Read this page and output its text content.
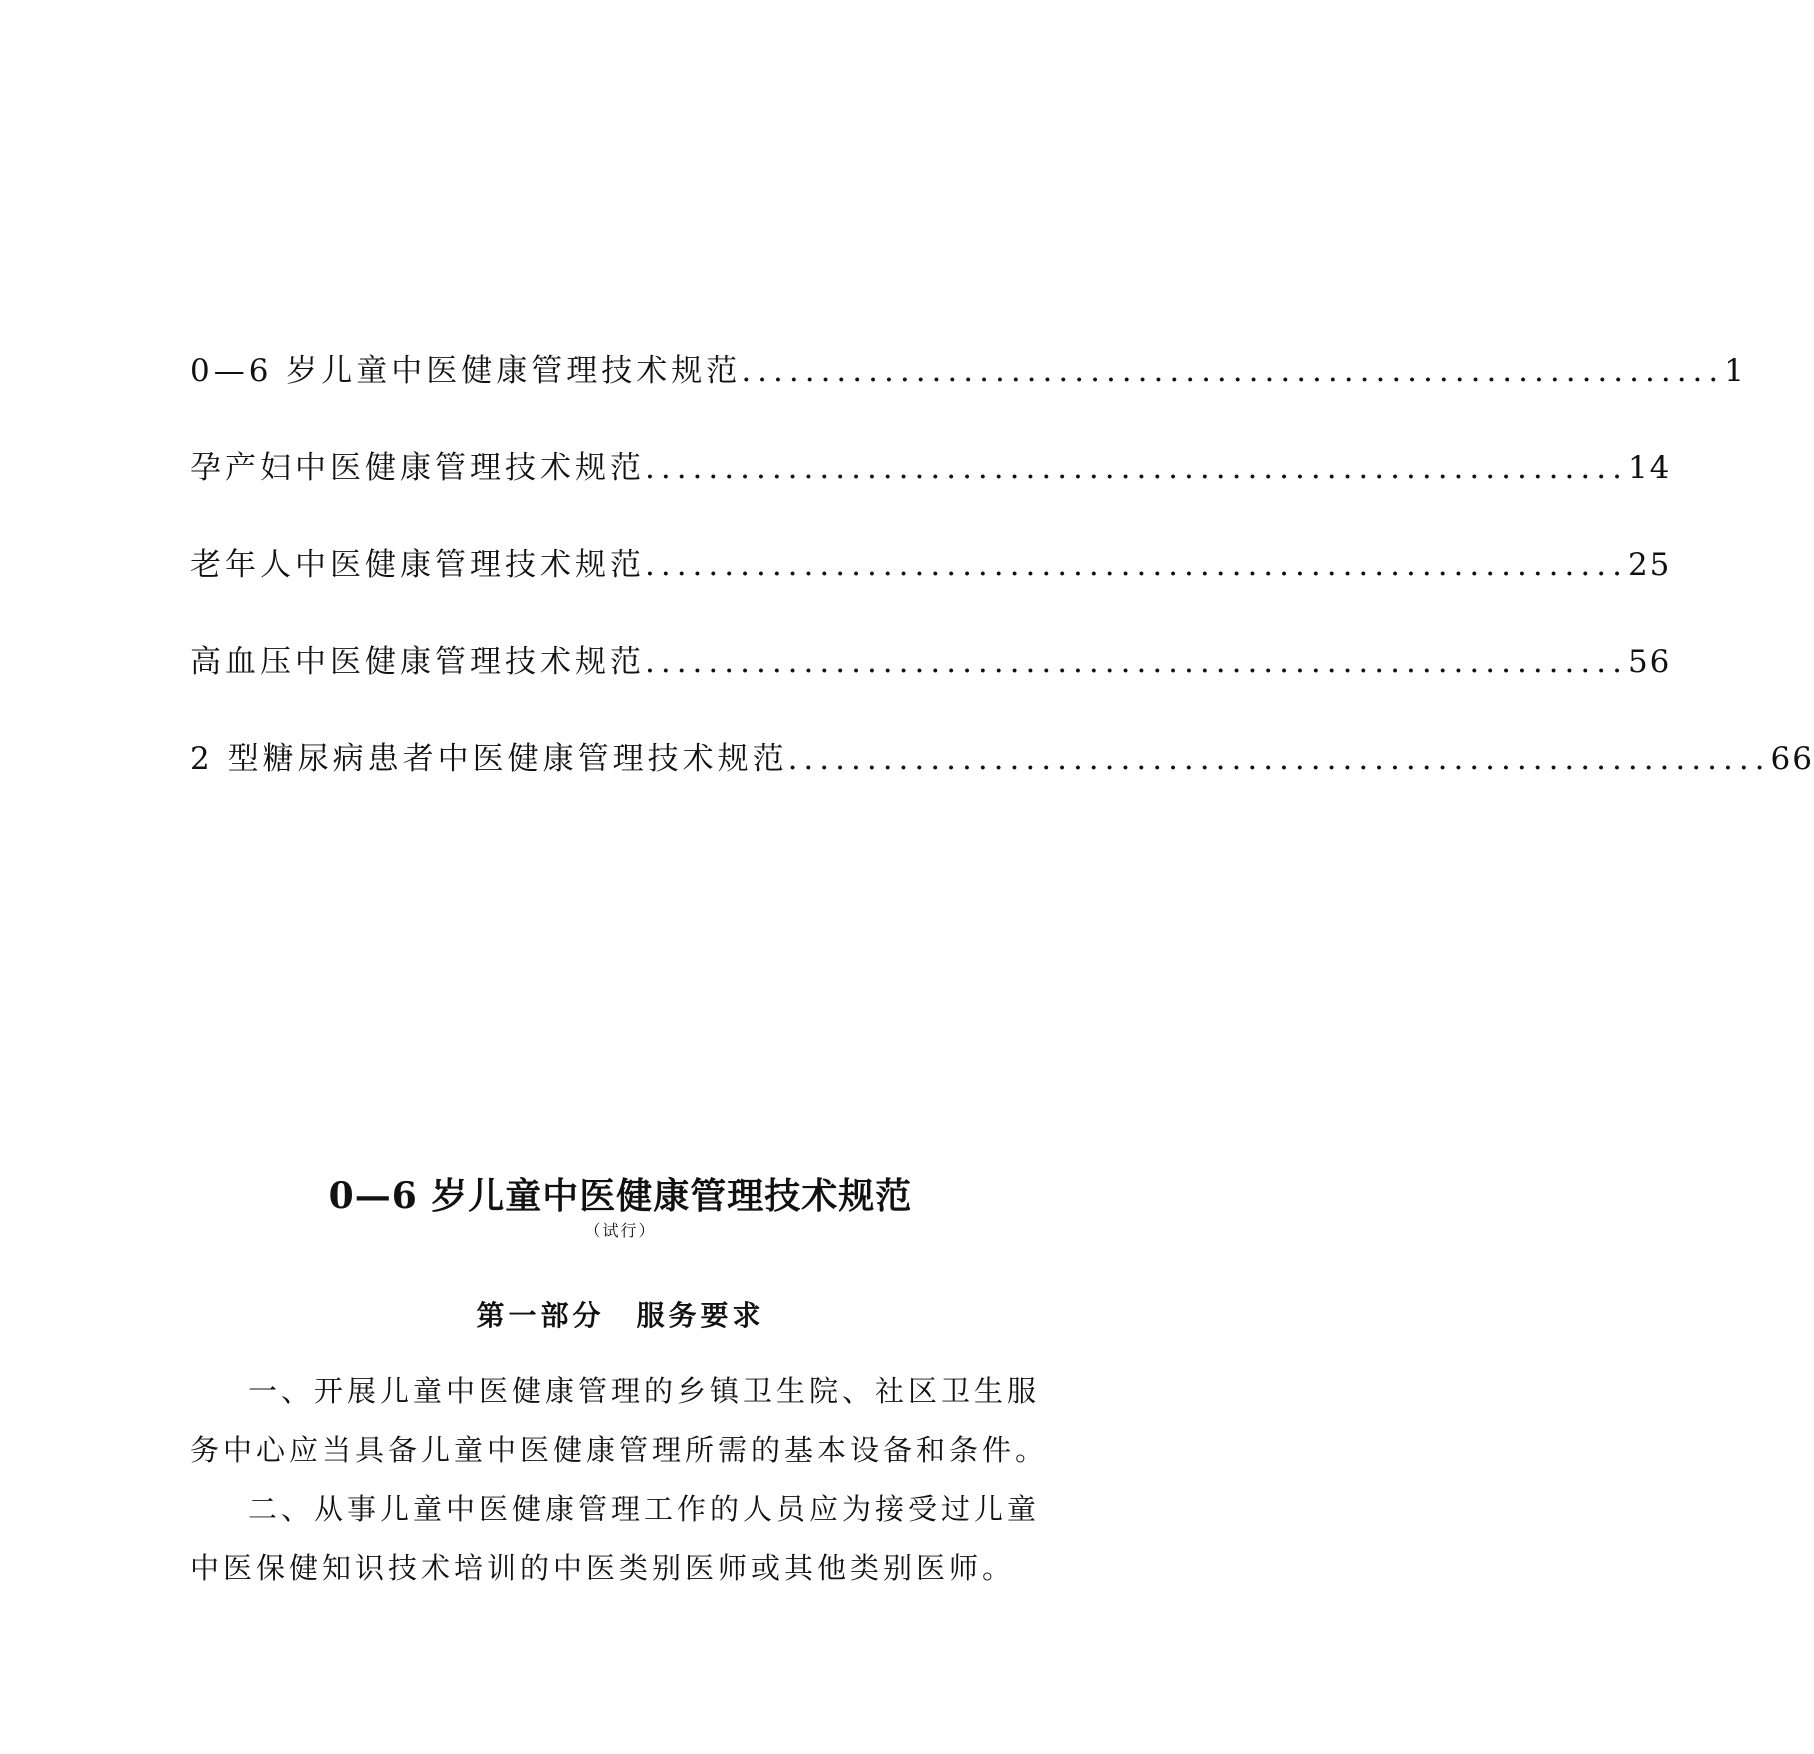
0—6 岁儿童中医健康管理技术规范 .............................................................. 1
孕产妇中医健康管理技术规范 .............................................................. 14
老年人中医健康管理技术规范 .............................................................. 25
高血压中医健康管理技术规范 .............................................................. 56
2 型糖尿病患者中医健康管理技术规范 .............................................................. 66
0—6 岁儿童中医健康管理技术规范
（试行）
第一部分　服务要求

一、开展儿童中医健康管理的乡镇卫生院、社区卫生服务中心应当具备儿童中医健康管理所需的基本设备和条件。

二、从事儿童中医健康管理工作的人员应为接受过儿童中医保健知识技术培训的中医类别医师或其他类别医师。
